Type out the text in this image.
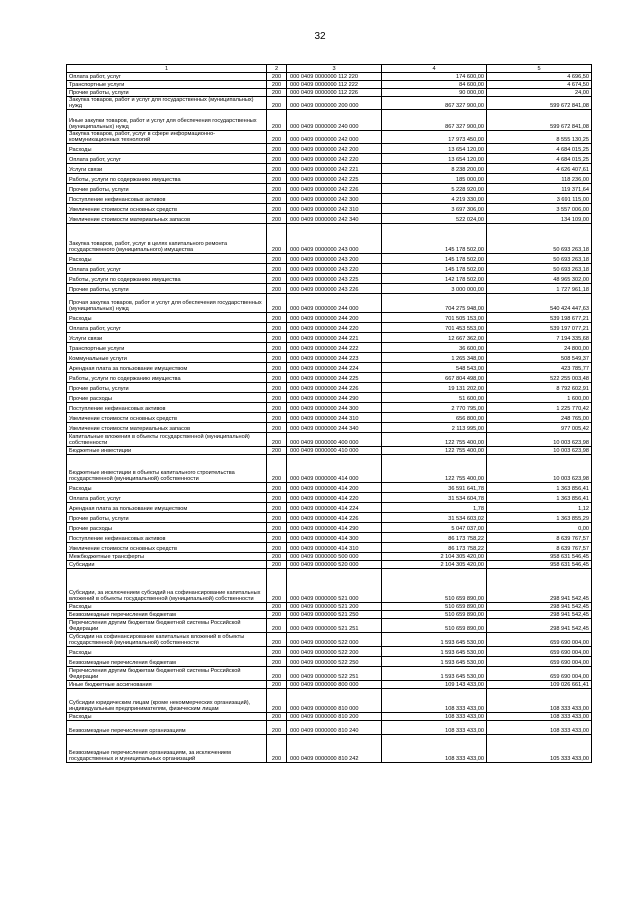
32
1	2	3	4	5
Оплата работ, услуг	200	000 0409 0000000 112 220	174 600,00	4 696,50
Транспортные услуги	200	000 0409 0000000 112 222	84 600,00	4 674,50
Прочие работы, услуги	200	000 0409 0000000 112 226	90 000,00	24,00
Закупка товаров, работ и услуг для государственных (муниципальных) нужд	200	000 0409 0000000 200 000	867 327 900,00	599 672 841,08
Иные закупки товаров, работ и услуг для обеспечения государственных (муниципальных) нужд	200	000 0409 0000000 240 000	867 327 900,00	599 672 841,08
Закупка товаров, работ, услуг в сфере информационно-коммуникационных технологий	200	000 0409 0000000 242 000	17 973 450,00	8 555 130,25
Расходы	200	000 0409 0000000 242 200	13 654 120,00	4 684 015,25
Оплата работ, услуг	200	000 0409 0000000 242 220	13 654 120,00	4 684 015,25
Услуги связи	200	000 0409 0000000 242 221	8 238 200,00	4 626 407,61
Работы, услуги по содержанию имущества	200	000 0409 0000000 242 225	185 000,00	118 236,00
Прочие работы, услуги	200	000 0409 0000000 242 226	5 228 920,00	119 371,64
Поступление нефинансовых активов	200	000 0409 0000000 242 300	4 219 330,00	3 691 115,00
Увеличение стоимости основных средств	200	000 0409 0000000 242 310	3 697 306,00	3 557 006,00
Увеличение стоимости материальных запасов	200	000 0409 0000000 242 340	522 024,00	134 109,00
Закупка товаров, работ, услуг в целях капитального ремонта государственного (муниципального) имущества	200	000 0409 0000000 243 000	145 178 502,00	50 693 263,18
Расходы	200	000 0409 0000000 243 200	145 178 502,00	50 693 263,18
Оплата работ, услуг	200	000 0409 0000000 243 220	145 178 502,00	50 693 263,18
Работы, услуги по содержанию имущества	200	000 0409 0000000 243 225	142 178 502,00	48 965 302,00
Прочие работы, услуги	200	000 0409 0000000 243 226	3 000 000,00	1 727 961,18
Прочая закупка товаров, работ и услуг для обеспечения государственных (муниципальных) нужд	200	000 0409 0000000 244 000	704 275 948,00	540 424 447,63
Расходы	200	000 0409 0000000 244 200	701 505 153,00	539 198 677,21
Оплата работ, услуг	200	000 0409 0000000 244 220	701 453 553,00	539 197 077,21
Услуги связи	200	000 0409 0000000 244 221	12 667 362,00	7 194 335,68
Транспортные услуги	200	000 0409 0000000 244 222	36 600,00	24 800,00
Коммунальные услуги	200	000 0409 0000000 244 223	1 265 348,00	508 549,37
Арендная плата за пользование имуществом	200	000 0409 0000000 244 224	548 543,00	423 785,77
Работы, услуги по содержанию имущества	200	000 0409 0000000 244 225	667 804 498,00	522 255 003,48
Прочие работы, услуги	200	000 0409 0000000 244 226	19 131 202,00	8 792 602,91
Прочие расходы	200	000 0409 0000000 244 290	51 600,00	1 600,00
Поступление нефинансовых активов	200	000 0409 0000000 244 300	2 770 795,00	1 225 770,42
Увеличение стоимости основных средств	200	000 0409 0000000 244 310	656 800,00	248 765,00
Увеличение стоимости материальных запасов	200	000 0409 0000000 244 340	2 113 995,00	977 005,42
Капитальные вложения в объекты государственной (муниципальной) собственности	200	000 0409 0000000 400 000	122 755 400,00	10 003 623,98
Бюджетные инвестиции	200	000 0409 0000000 410 000	122 755 400,00	10 003 623,98
Бюджетные инвестиции в объекты капитального строительства государственной (муниципальной) собственности	200	000 0409 0000000 414 000	122 755 400,00	10 003 623,98
Расходы	200	000 0409 0000000 414 200	36 591 641,78	1 363 856,41
Оплата работ, услуг	200	000 0409 0000000 414 220	31 534 604,78	1 363 856,41
Арендная плата за пользование имуществом	200	000 0409 0000000 414 224	1,78	1,12
Прочие работы, услуги	200	000 0409 0000000 414 226	31 534 603,02	1 363 855,29
Прочие расходы	200	000 0409 0000000 414 290	5 047 037,00	0,00
Поступление нефинансовых активов	200	000 0409 0000000 414 300	86 173 758,22	8 639 767,57
Увеличение стоимости основных средств	200	000 0409 0000000 414 310	86 173 758,22	8 639 767,57
Межбюджетные трансферты	200	000 0409 0000000 500 000	2 104 305 420,00	958 631 546,45
Субсидии	200	000 0409 0000000 520 000	2 104 305 420,00	958 631 546,45
Субсидии, за исключением субсидий на софинансирование капитальных вложений в объекты государственной (муниципальной) собственности	200	000 0409 0000000 521 000	510 659 890,00	298 941 542,45
Расходы	200	000 0409 0000000 521 200	510 659 890,00	298 941 542,45
Безвозмездные перечисления бюджетам	200	000 0409 0000000 521 250	510 659 890,00	298 941 542,45
Перечисления другим бюджетам бюджетной системы Российской Федерации	200	000 0409 0000000 521 251	510 659 890,00	298 941 542,45
Субсидии на софинансирование капитальных вложений в объекты государственной (муниципальной) собственности	200	000 0409 0000000 522 000	1 593 645 530,00	659 690 004,00
Расходы	200	000 0409 0000000 522 200	1 593 645 530,00	659 690 004,00
Безвозмездные перечисления бюджетам	200	000 0409 0000000 522 250	1 593 645 530,00	659 690 004,00
Перечисления другим бюджетам бюджетной системы Российской Федерации	200	000 0409 0000000 522 251	1 593 645 530,00	659 690 004,00
Иные бюджетные ассигнования	200	000 0409 0000000 800 000	109 143 433,00	109 026 661,41
Субсидии юридическим лицам (кроме некоммерческих организаций), индивидуальным предпринимателям, физическим лицам	200	000 0409 0000000 810 000	108 333 433,00	108 333 433,00
Расходы	200	000 0409 0000000 810 200	108 333 433,00	108 333 433,00
Безвозмездные перечисления организациям	200	000 0409 0000000 810 240	108 333 433,00	108 333 433,00
Безвозмездные перечисления организациям, за исключением государственных и муниципальных организаций	200	000 0409 0000000 810 242	108 333 433,00	105 333 433,00
